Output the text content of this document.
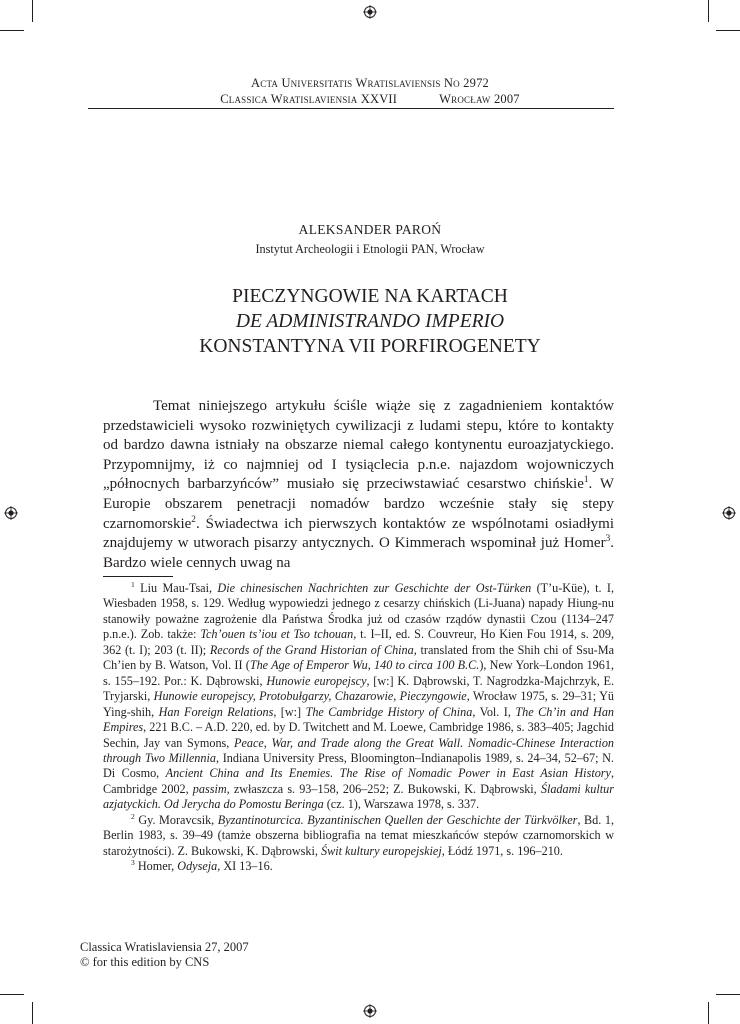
Acta Universitatis Wratislaviensis No 2972
Classica Wratislaviensia XXVII	Wrocław 2007
ALEKSANDER PAROŃ
Instytut Archeologii i Etnologii PAN, Wrocław
PIECZYNGOWIE NA KARTACH
DE ADMINISTRANDO IMPERIO
KONSTANTYNA VII PORFIROGENETY

Temat niniejszego artykułu ściśle wiąże się z zagadnieniem kontaktów przedstawicieli wysoko rozwiniętych cywilizacji z ludami stepu, które to kontakty od bardzo dawna istniały na obszarze niemal całego kontynentu euroazjatyckiego. Przypomnijmy, iż co najmniej od I tysiąclecia p.n.e. najazdom wojowniczych „północnych barbarzyńców” musiało się przeciwstawiać cesarstwo chińskie$^1$. W Europie obszarem penetracji nomadów bardzo wcześnie stały się stepy czarnomorskie$^2$. Świadectwa ich pierwszych kontaktów ze wspólnotami osiadłymi znajdujemy w utworach pisarzy antycznych. O Kimmerach wspominał już Homer$^3$. Bardzo wiele cennych uwag na

$^1$ Liu Mau-Tsai, Die chinesischen Nachrichten zur Geschichte der Ost-Türken (T’u-Küe), t. I, Wiesbaden 1958, s. 129. Według wypowiedzi jednego z cesarzy chińskich (Li-Juana) napady Hiung-nu stanowiły poważne zagrożenie dla Państwa Środka już od czasów rządów dynastii Czou (1134–247 p.n.e.). Zob. także: Tch’ouen ts’iou et Tso tchouan, t. I–II, ed. S. Couvreur, Ho Kien Fou 1914, s. 209, 362 (t. I); 203 (t. II); Records of the Grand Historian of China, translated from the Shih chi of Ssu-Ma Ch’ien by B. Watson, Vol. II (The Age of Emperor Wu, 140 to circa 100 B.C.), New York–London 1961, s. 155–192. Por.: K. Dąbrowski, Hunowie europejscy, [w:] K. Dąbrowski, T. Nagrodzka-Majchrzyk, E. Tryjarski, Hunowie europejscy, Protobułgarzy, Chazarowie, Pieczyngowie, Wrocław 1975, s. 29–31; Yü Ying-shih, Han Foreign Relations, [w:] The Cambridge History of China, Vol. I, The Ch’in and Han Empires, 221 B.C. – A.D. 220, ed. by D. Twitchett and M. Loewe, Cambridge 1986, s. 383–405; Jagchid Sechin, Jay van Symons, Peace, War, and Trade along the Great Wall. Nomadic-Chinese Interaction through Two Millennia, Indiana University Press, Bloomington–Indianapolis 1989, s. 24–34, 52–67; N. Di Cosmo, Ancient China and Its Enemies. The Rise of Nomadic Power in East Asian History, Cambridge 2002, passim, zwłaszcza s. 93–158, 206–252; Z. Bukowski, K. Dąbrowski, Śladami kultur azjatyckich. Od Jerycha do Pomostu Beringa (cz. 1), Warszawa 1978, s. 337.

$^2$ Gy. Moravcsik, Byzantinoturcica. Byzantinischen Quellen der Geschichte der Türkvölker, Bd. 1, Berlin 1983, s. 39–49 (tamże obszerna bibliografia na temat mieszkańców stepów czarnomorskich w starożytności). Z. Bukowski, K. Dąbrowski, Świt kultury europejskiej, Łódź 1971, s. 196–210.

$^3$ Homer, Odyseja, XI 13–16.

Classica Wratislaviensia 27, 2007
© for this edition by CNS
